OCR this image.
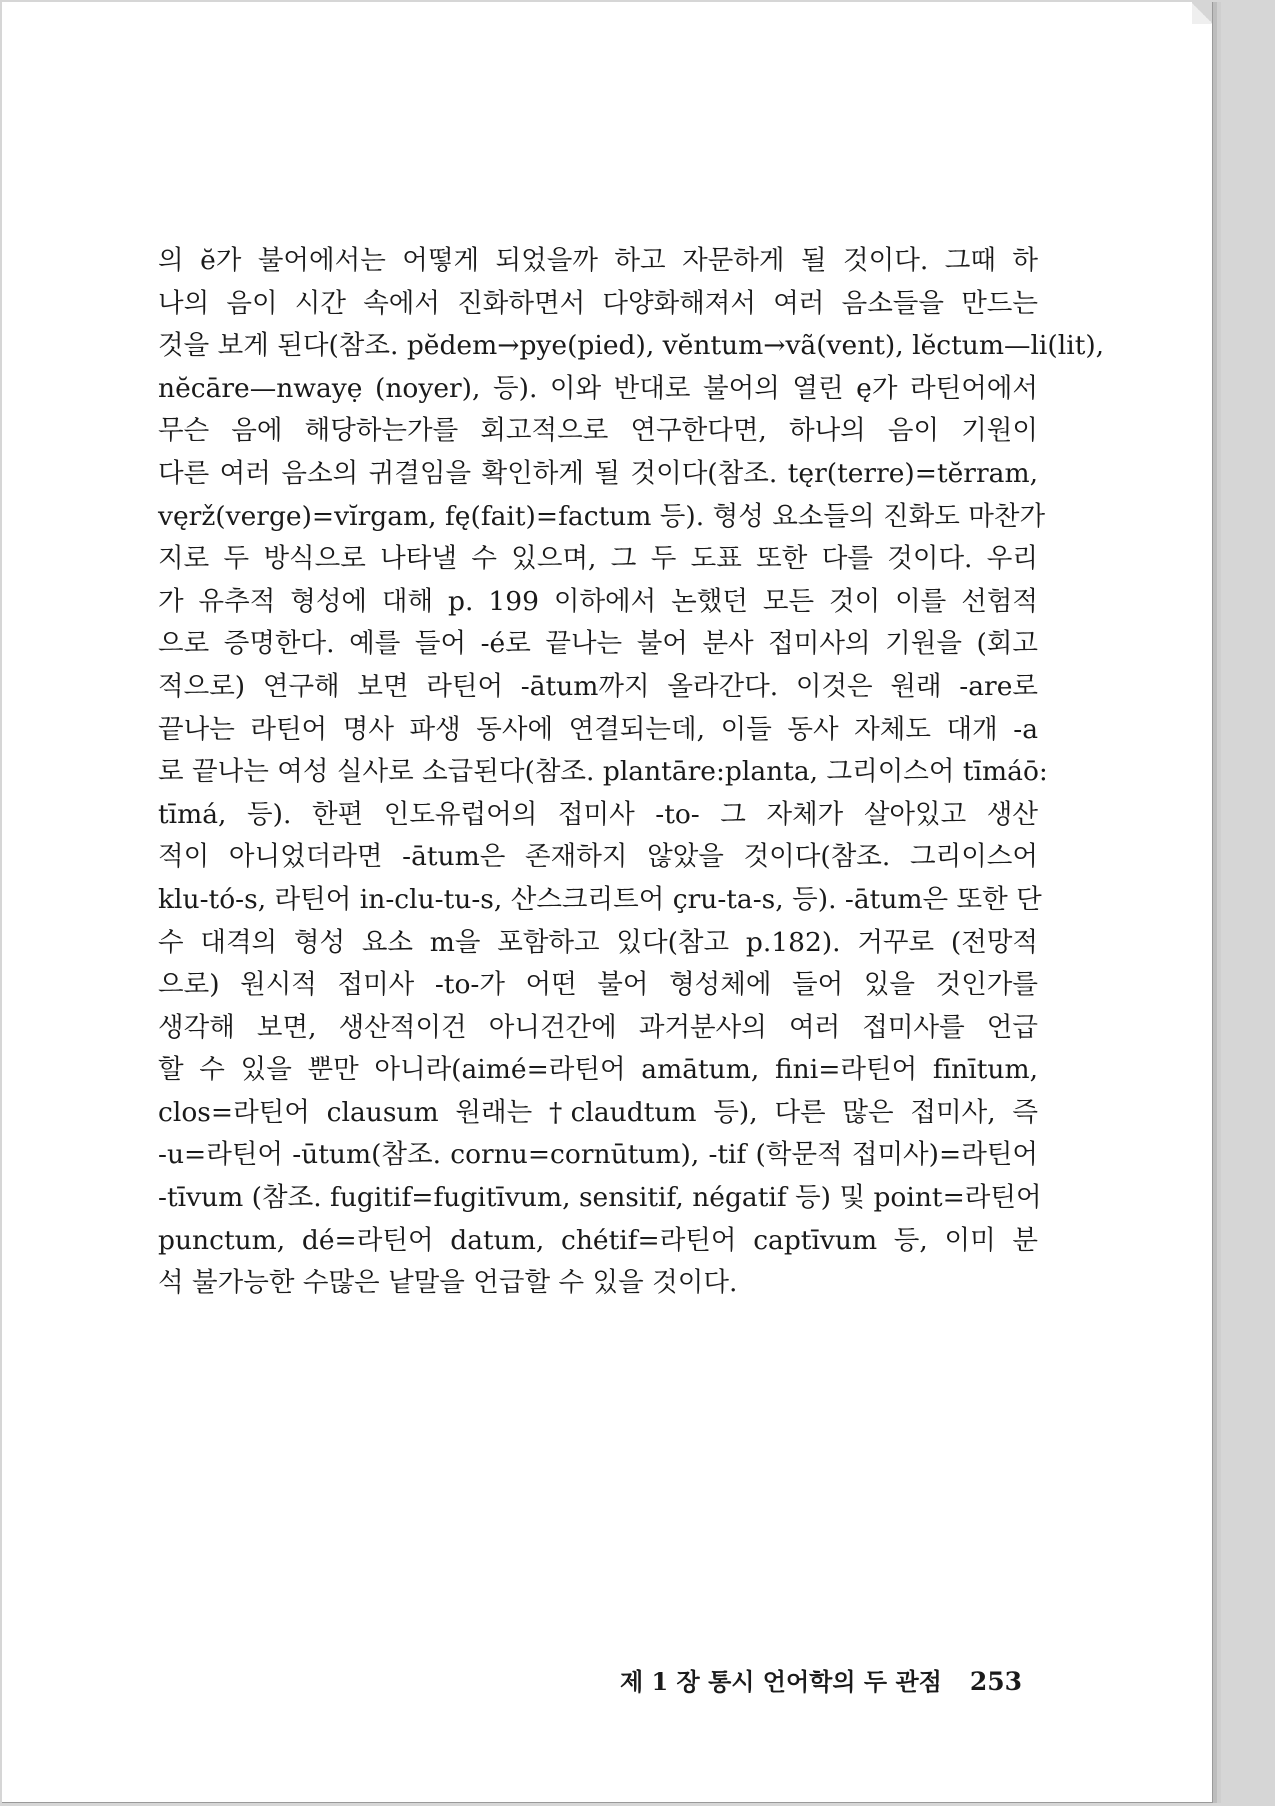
의 ĕ가 불어에서는 어떻게 되었을까 하고 자문하게 될 것이다. 그때 하
나의 음이 시간 속에서 진화하면서 다양화해져서 여러 음소들을 만드는
것을 보게 된다(참조. pĕdem→pye(pied), vĕntum→vã(vent), lĕctum—li(lit),
nĕcāre—nwayẹ (noyer), 등). 이와 반대로 불어의 열린 ę가 라틴어에서
무슨 음에 해당하는가를 회고적으로 연구한다면, 하나의 음이 기원이
다른 여러 음소의 귀결임을 확인하게 될 것이다(참조. tęr(terre)=tĕrram,
vęrž(verge)=vĭrgam, fę(fait)=factum 등). 형성 요소들의 진화도 마찬가
지로 두 방식으로 나타낼 수 있으며, 그 두 도표 또한 다를 것이다. 우리
가 유추적 형성에 대해 p. 199 이하에서 논했던 모든 것이 이를 선험적
으로 증명한다. 예를 들어 -é로 끝나는 불어 분사 접미사의 기원을 (회고
적으로) 연구해 보면 라틴어 -ātum까지 올라간다. 이것은 원래 -are로
끝나는 라틴어 명사 파생 동사에 연결되는데, 이들 동사 자체도 대개 -a
로 끝나는 여성 실사로 소급된다(참조. plantāre:planta, 그리이스어 tīmáō:
tīmá, 등). 한편 인도유럽어의 접미사 -to- 그 자체가 살아있고 생산
적이 아니었더라면 -ātum은 존재하지 않았을 것이다(참조. 그리이스어
klu-tó-s, 라틴어 in-clu-tu-s, 산스크리트어 çru-ta-s, 등). -ātum은 또한 단
수 대격의 형성 요소 m을 포함하고 있다(참고 p.182). 거꾸로 (전망적
으로) 원시적 접미사 -to-가 어떤 불어 형성체에 들어 있을 것인가를
생각해 보면, 생산적이건 아니건간에 과거분사의 여러 접미사를 언급
할 수 있을 뿐만 아니라(aimé=라틴어 amātum, fini=라틴어 fīnītum,
clos=라틴어 clausum 원래는 †claudtum 등), 다른 많은 접미사, 즉
-u=라틴어 -ūtum(참조. cornu=cornūtum), -tif (학문적 접미사)=라틴어
-tīvum (참조. fugitif=fugitīvum, sensitif, négatif 등) 및 point=라틴어
punctum, dé=라틴어 datum, chétif=라틴어 captīvum 등, 이미 분
석 불가능한 수많은 낱말을 언급할 수 있을 것이다.
제 1 장 통시 언어학의 두 관점 253
